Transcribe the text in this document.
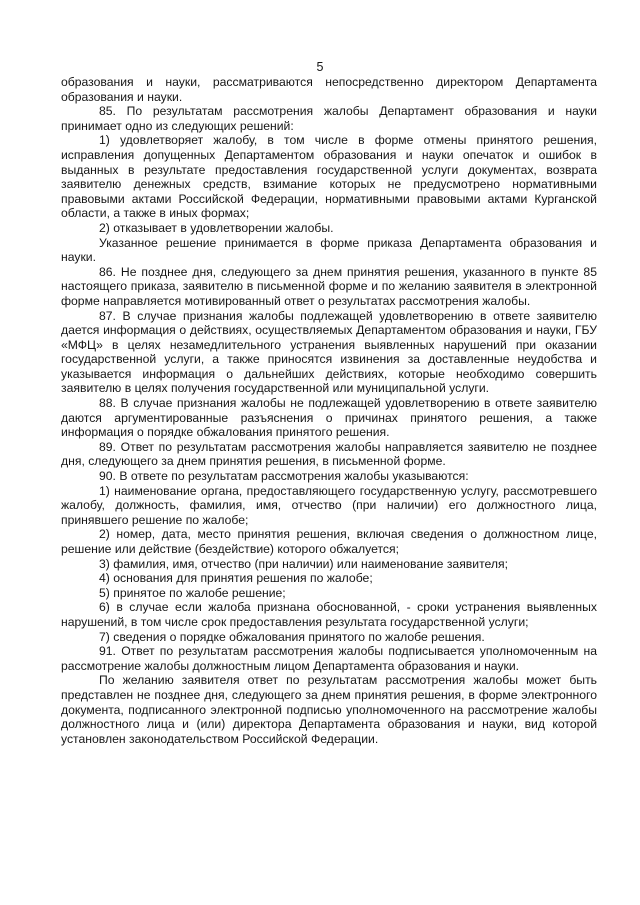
5

образования и науки, рассматриваются непосредственно директором Департамента образования и науки.

85. По результатам рассмотрения жалобы Департамент образования и науки принимает одно из следующих решений:

1) удовлетворяет жалобу, в том числе в форме отмены принятого решения, исправления допущенных Департаментом образования и науки опечаток и ошибок в выданных в результате предоставления государственной услуги документах, возврата заявителю денежных средств, взимание которых не предусмотрено нормативными правовыми актами Российской Федерации, нормативными правовыми актами Курганской области, а также в иных формах;

2) отказывает в удовлетворении жалобы.

Указанное решение принимается в форме приказа Департамента образования и науки.

86. Не позднее дня, следующего за днем принятия решения, указанного в пункте 85 настоящего приказа, заявителю в письменной форме и по желанию заявителя в электронной форме направляется мотивированный ответ о результатах рассмотрения жалобы.

87. В случае признания жалобы подлежащей удовлетворению в ответе заявителю дается информация о действиях, осуществляемых Департаментом образования и науки, ГБУ «МФЦ» в целях незамедлительного устранения выявленных нарушений при оказании государственной услуги, а также приносятся извинения за доставленные неудобства и указывается информация о дальнейших действиях, которые необходимо совершить заявителю в целях получения государственной или муниципальной услуги.

88. В случае признания жалобы не подлежащей удовлетворению в ответе заявителю даются аргументированные разъяснения о причинах принятого решения, а также информация о порядке обжалования принятого решения.

89. Ответ по результатам рассмотрения жалобы направляется заявителю не позднее дня, следующего за днем принятия решения, в письменной форме.

90. В ответе по результатам рассмотрения жалобы указываются:

1) наименование органа, предоставляющего государственную услугу, рассмотревшего жалобу, должность, фамилия, имя, отчество (при наличии) его должностного лица, принявшего решение по жалобе;

2) номер, дата, место принятия решения, включая сведения о должностном лице, решение или действие (бездействие) которого обжалуется;

3) фамилия, имя, отчество (при наличии) или наименование заявителя;

4) основания для принятия решения по жалобе;

5) принятое по жалобе решение;

6) в случае если жалоба признана обоснованной, - сроки устранения выявленных нарушений, в том числе срок предоставления результата государственной услуги;

7) сведения о порядке обжалования принятого по жалобе решения.

91. Ответ по результатам рассмотрения жалобы подписывается уполномоченным на рассмотрение жалобы должностным лицом Департамента образования и науки.

По желанию заявителя ответ по результатам рассмотрения жалобы может быть представлен не позднее дня, следующего за днем принятия решения, в форме электронного документа, подписанного электронной подписью уполномоченного на рассмотрение жалобы должностного лица и (или) директора Департамента образования и науки, вид которой установлен законодательством Российской Федерации.
